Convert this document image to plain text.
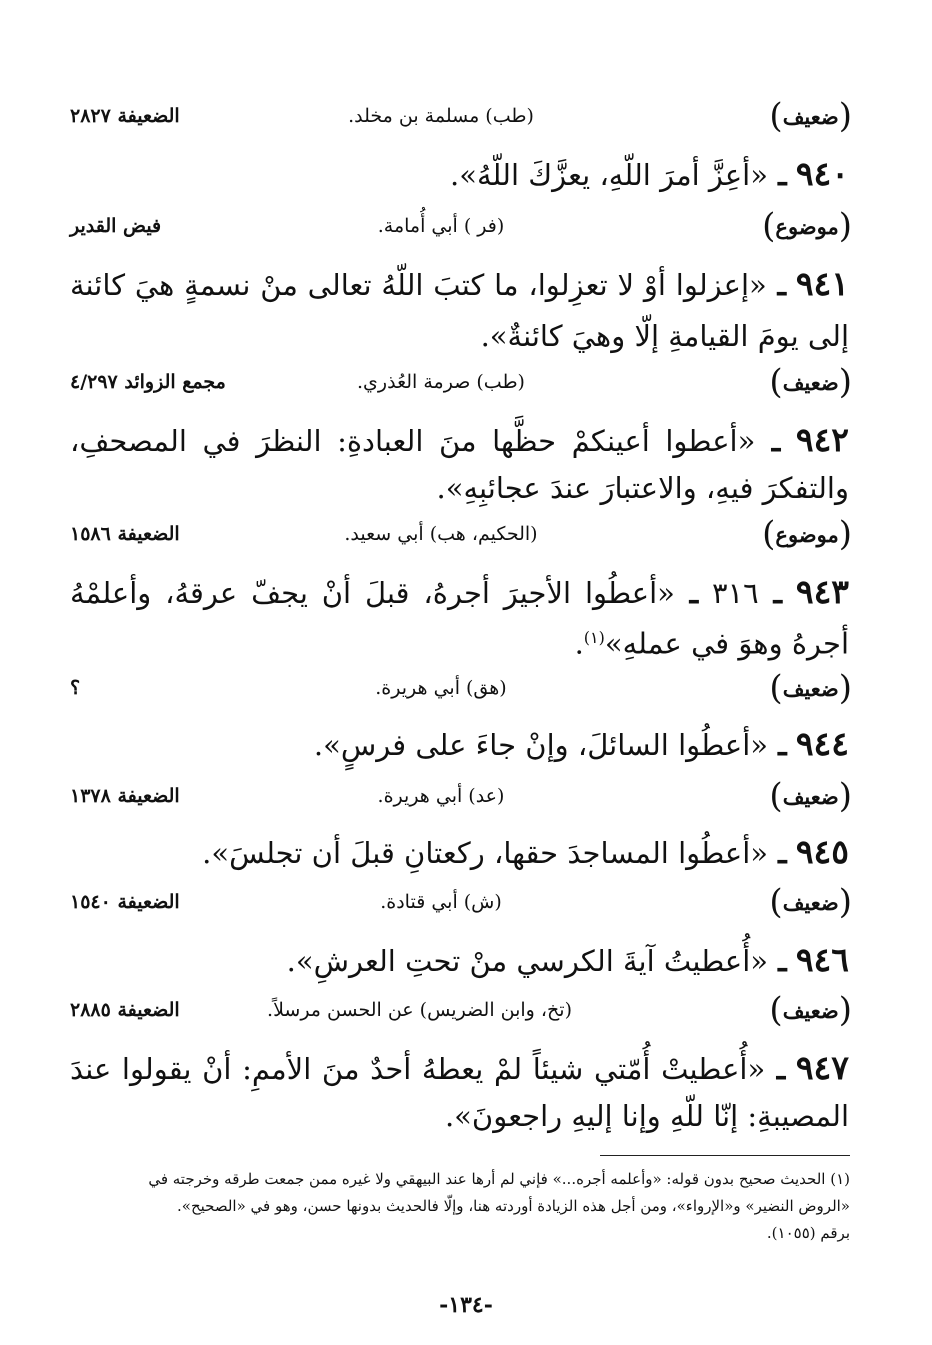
(
ضعيف
)
(طب) مسلمة بن مخلد.
الضعيفة ٢٨٢٧
٩٤٠ ـ «أعِزَّ أمرَ اللّهِ، يعزَّكَ اللّهُ».
(
موضوع
)
(فر ) أبي أُمامة.
فيض القدير
٩٤١ ـ «إعزلوا أوْ لا تعزِلوا، ما كتبَ اللّهُ تعالى منْ نسمةٍ هيَ كائنة
إلى يومَ القيامةِ إلّا وهيَ كائنةٌ».
(
ضعيف
)
(طب) صرمة العُذري.
مجمع الزوائد ٤/٢٩٧
٩٤٢ ـ «أعطوا أعينكمْ حظَّها منَ العبادةِ: النظرَ في المصحفِ،
والتفكرَ فيهِ، والاعتبارَ عندَ عجائبِهِ».
(
موضوع
)
(الحكيم، هب) أبي سعيد.
الضعيفة ١٥٨٦
٩٤٣ ـ ٣١٦ ـ «أعطُوا الأجيرَ أجرهُ، قبلَ أنْ يجفّ عرقهُ، وأعلمْهُ
أجرهُ وهوَ في عملهِ»$^{(١)}$.
(
ضعيف
)
(هق) أبي هريرة.
؟
٩٤٤ ـ «أعطُوا السائلَ، وإنْ جاءَ على فرسٍ».
(
ضعيف
)
(عد) أبي هريرة.
الضعيفة ١٣٧٨
٩٤٥ ـ «أعطُوا المساجدَ حقها، ركعتانِ قبلَ أن تجلسَ».
(
ضعيف
)
(ش) أبي قتادة.
الضعيفة ١٥٤٠
٩٤٦ ـ «أُعطيتُ آيةَ الكرسي منْ تحتِ العرشِ».
(
ضعيف
)
(تخ، وابن الضريس) عن الحسن مرسلاً.
الضعيفة ٢٨٨٥
٩٤٧ ـ «أُعطيتْ أُمّتي شيئاً لمْ يعطهُ أحدٌ منَ الأممِ: أنْ يقولوا عندَ
المصيبةِ: إنّا للّهِ وإنا إليهِ راجعونَ».
(١) الحديث صحيح بدون قوله: «وأعلمه أجره...» فإني لم أرها عند البيهقي ولا غيره ممن جمعت طرقه وخرجته في
«الروض النضير» و«الإرواء»، ومن أجل هذه الزيادة أوردته هنا، وإلّا فالحديث بدونها حسن، وهو في «الصحيح».
برقم (١٠٥٥).
-١٣٤-
